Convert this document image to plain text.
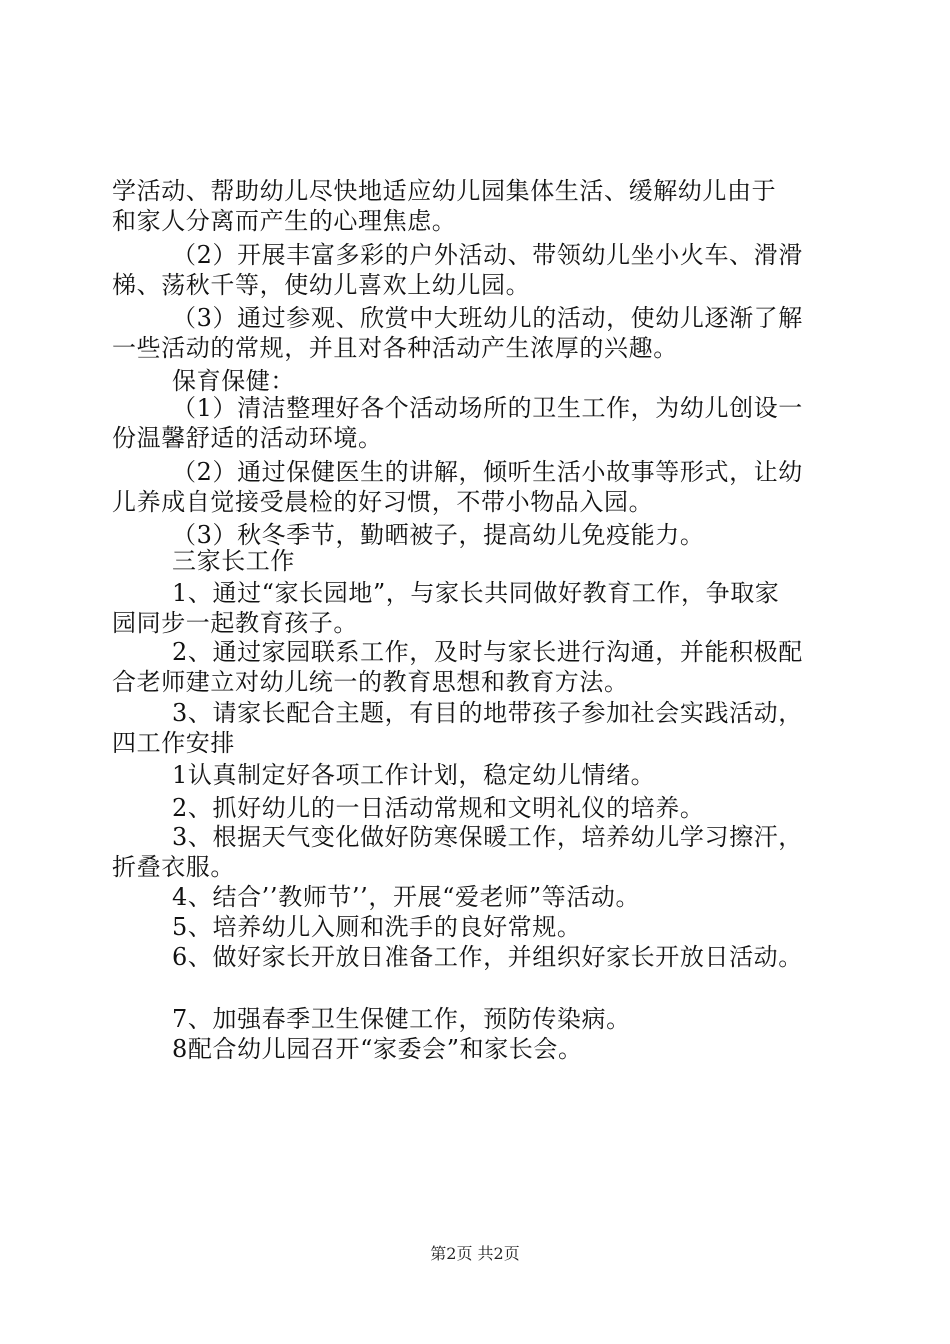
学活动、帮助幼儿尽快地适应幼儿园集体生活、缓解幼儿由于
和家人分离而产生的心理焦虑。
（2）开展丰富多彩的户外活动、带领幼儿坐小火车、滑滑
梯、荡秋千等，使幼儿喜欢上幼儿园。
（3）通过参观、欣赏中大班幼儿的活动，使幼儿逐渐了解
一些活动的常规，并且对各种活动产生浓厚的兴趣。
保育保健：
（1）清洁整理好各个活动场所的卫生工作，为幼儿创设一
份温馨舒适的活动环境。
（2）通过保健医生的讲解，倾听生活小故事等形式，让幼
儿养成自觉接受晨检的好习惯，不带小物品入园。
（3）秋冬季节，勤晒被子，提高幼儿免疫能力。
三家长工作
1、通过“家长园地”，与家长共同做好教育工作，争取家
园同步一起教育孩子。
2、通过家园联系工作，及时与家长进行沟通，并能积极配
合老师建立对幼儿统一的教育思想和教育方法。
3、请家长配合主题，有目的地带孩子参加社会实践活动，
四工作安排
1认真制定好各项工作计划，稳定幼儿情绪。
2、抓好幼儿的一日活动常规和文明礼仪的培养。
3、根据天气变化做好防寒保暖工作，培养幼儿学习擦汗，
折叠衣服。
4、结合’’教师节’’，开展“爱老师”等活动。
5、培养幼儿入厕和洗手的良好常规。
6、做好家长开放日准备工作，并组织好家长开放日活动。
7、加强春季卫生保健工作，预防传染病。
8配合幼儿园召开“家委会”和家长会。
第2页 共2页
